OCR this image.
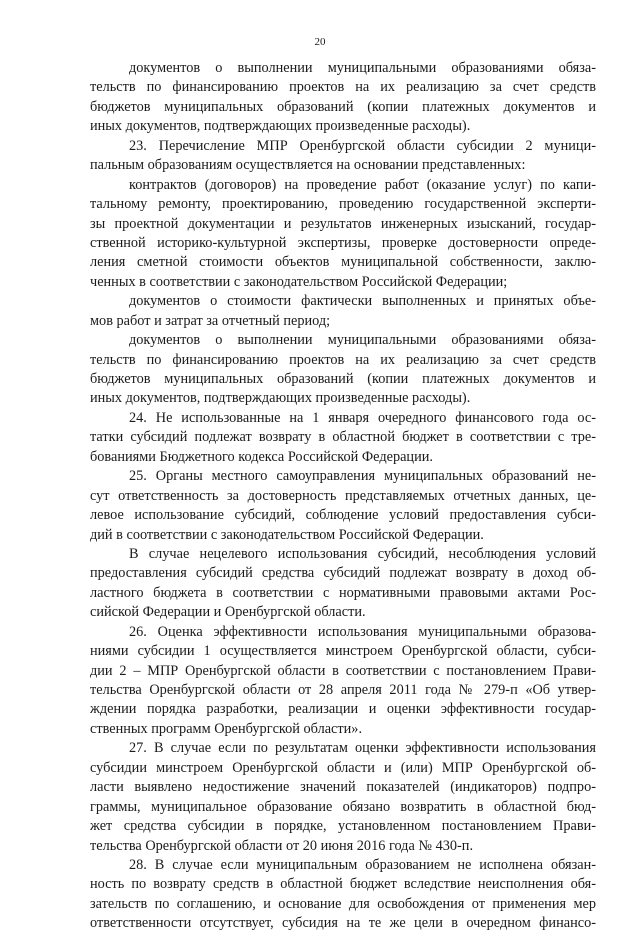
20
документов о выполнении муниципальными образованиями обяза-
тельств по финансированию проектов на их реализацию за счет средств
бюджетов муниципальных образований (копии платежных документов и
иных документов, подтверждающих произведенные расходы).
23. Перечисление МПР Оренбургской области субсидии 2 муници-
пальным образованиям осуществляется на основании представленных:
контрактов (договоров) на проведение работ (оказание услуг) по капи-
тальному ремонту, проектированию, проведению государственной эксперти-
зы проектной документации и результатов инженерных изысканий, государ-
ственной историко-культурной экспертизы, проверке достоверности опреде-
ления сметной стоимости объектов муниципальной собственности, заклю-
ченных в соответствии с законодательством Российской Федерации;
документов о стоимости фактически выполненных и принятых объе-
мов работ и затрат за отчетный период;
документов о выполнении муниципальными образованиями обяза-
тельств по финансированию проектов на их реализацию за счет средств
бюджетов муниципальных образований (копии платежных документов и
иных документов, подтверждающих произведенные расходы).
24. Не использованные на 1 января очередного финансового года ос-
татки субсидий подлежат возврату в областной бюджет в соответствии с тре-
бованиями Бюджетного кодекса Российской Федерации.
25. Органы местного самоуправления муниципальных образований не-
сут ответственность за достоверность представляемых отчетных данных, це-
левое использование субсидий, соблюдение условий предоставления субси-
дий в соответствии с законодательством Российской Федерации.
В случае нецелевого использования субсидий, несоблюдения условий
предоставления субсидий средства субсидий подлежат возврату в доход об-
ластного бюджета в соответствии с нормативными правовыми актами Рос-
сийской Федерации и Оренбургской области.
26. Оценка эффективности использования муниципальными образова-
ниями субсидии 1 осуществляется минстроем Оренбургской области, субси-
дии 2 – МПР Оренбургской области в соответствии с постановлением Прави-
тельства Оренбургской области от 28 апреля 2011 года № 279-п «Об утвер-
ждении порядка разработки, реализации и оценки эффективности государ-
ственных программ Оренбургской области».
27. В случае если по результатам оценки эффективности использования
субсидии минстроем Оренбургской области и (или) МПР Оренбургской об-
ласти выявлено недостижение значений показателей (индикаторов) подпро-
граммы, муниципальное образование обязано возвратить в областной бюд-
жет средства субсидии в порядке, установленном постановлением Прави-
тельства Оренбургской области от 20 июня 2016 года № 430-п.
28. В случае если муниципальным образованием не исполнена обязан-
ность по возврату средств в областной бюджет вследствие неисполнения обя-
зательств по соглашению, и основание для освобождения от применения мер
ответственности отсутствует, субсидия на те же цели в очередном финансо-
